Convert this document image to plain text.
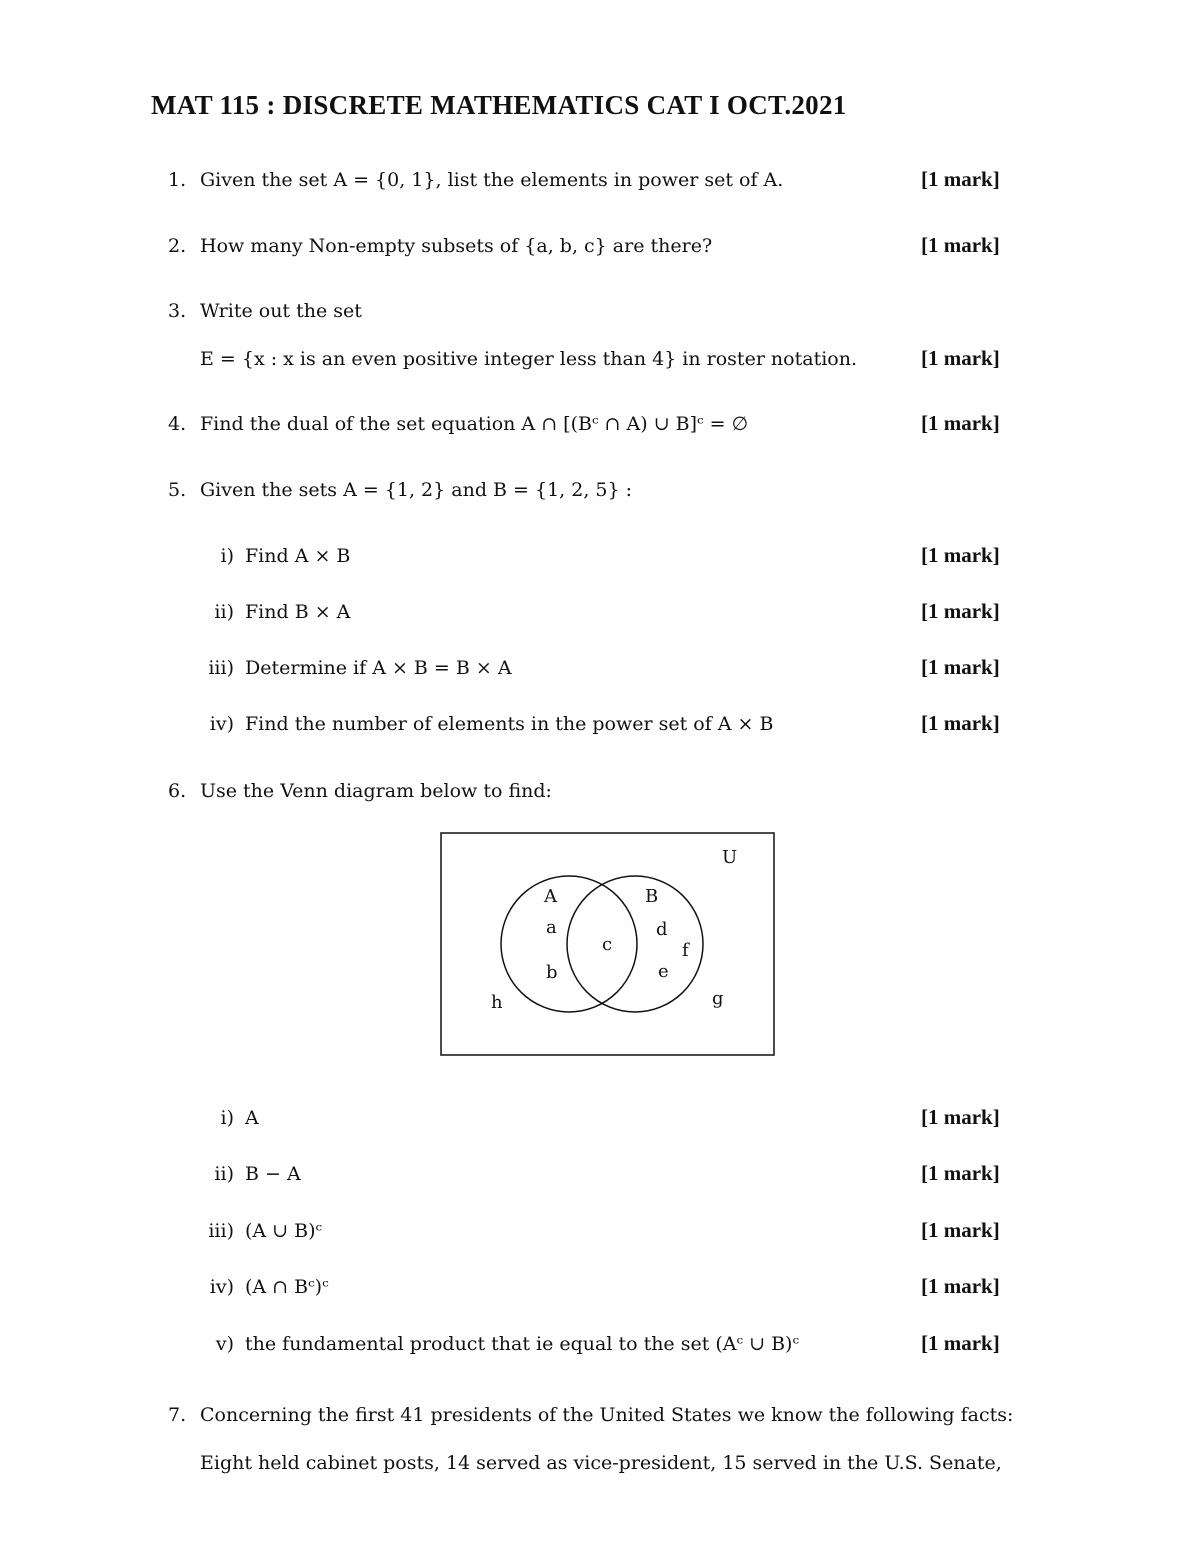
MAT 115 : DISCRETE MATHEMATICS CAT I OCT.2021
1. Given the set A = {0, 1}, list the elements in power set of A.	[1 mark]
2. How many Non-empty subsets of {a, b, c} are there?	[1 mark]
3. Write out the set
E = {x : x is an even positive integer less than 4} in roster notation.	[1 mark]
4. Find the dual of the set equation A ∩ [(Bᶜ ∩ A) ∪ B]ᶜ = ∅	[1 mark]
5. Given the sets A = {1, 2} and B = {1, 2, 5} :
i) Find A × B	[1 mark]
ii) Find B × A	[1 mark]
iii) Determine if A × B = B × A	[1 mark]
iv) Find the number of elements in the power set of A × B	[1 mark]
6. Use the Venn diagram below to find:
U
A	B
a
b
c
d
e
f
g
h
i) A	[1 mark]
ii) B − A	[1 mark]
iii) (A ∪ B)ᶜ	[1 mark]
iv) (A ∩ Bᶜ)ᶜ	[1 mark]
v) the fundamental product that ie equal to the set (Aᶜ ∪ B)ᶜ	[1 mark]
7. Concerning the first 41 presidents of the United States we know the following facts:
Eight held cabinet posts, 14 served as vice-president, 15 served in the U.S. Senate,
